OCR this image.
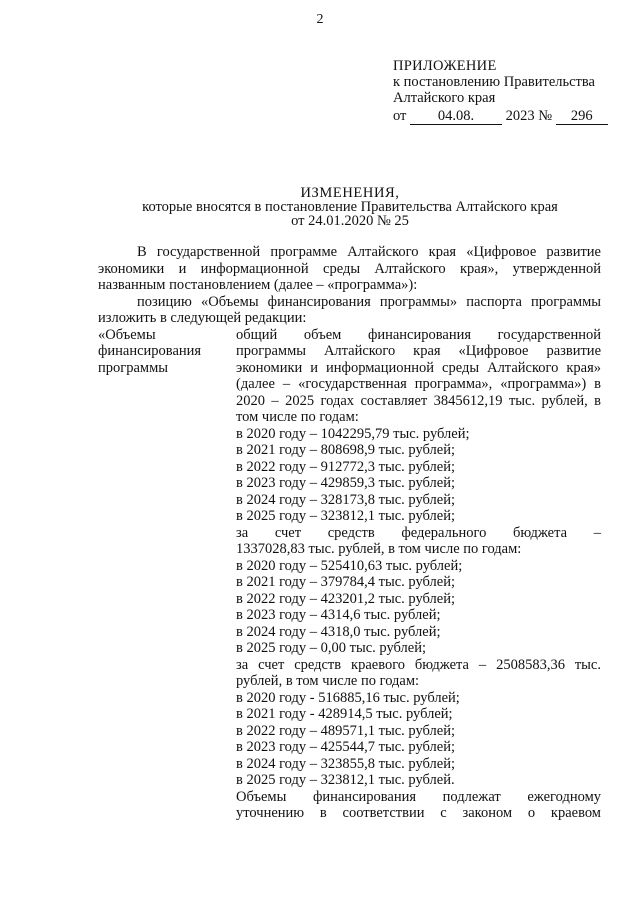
2
ПРИЛОЖЕНИЕ
к постановлению Правительства
Алтайского края
от 04.08. 2023 № 296
ИЗМЕНЕНИЯ,
которые вносятся в постановление Правительства Алтайского края
от 24.01.2020 № 25

В государственной программе Алтайского края «Цифровое развитие экономики и информационной среды Алтайского края», утвержденной названным постановлением (далее – «программа»):

позицию «Объемы финансирования программы» паспорта программы изложить в следующей редакции:

«Объемы
финансирования
программы
общий объем финансирования государственной
программы Алтайского края «Цифровое развитие
экономики и информационной среды Алтайского края»
(далее – «государственная программа», «программа») в
2020 – 2025 годах составляет 3845612,19 тыс. рублей, в
том числе по годам:
в 2020 году – 1042295,79 тыс. рублей;
в 2021 году – 808698,9 тыс. рублей;
в 2022 году – 912772,3 тыс. рублей;
в 2023 году – 429859,3 тыс. рублей;
в 2024 году – 328173,8 тыс. рублей;
в 2025 году – 323812,1 тыс. рублей;
за счет средств федерального бюджета –
1337028,83 тыс. рублей, в том числе по годам:
в 2020 году – 525410,63 тыс. рублей;
в 2021 году – 379784,4 тыс. рублей;
в 2022 году – 423201,2 тыс. рублей;
в 2023 году – 4314,6 тыс. рублей;
в 2024 году – 4318,0 тыс. рублей;
в 2025 году – 0,00 тыс. рублей;
за счет средств краевого бюджета – 2508583,36 тыс.
рублей, в том числе по годам:
в 2020 году - 516885,16 тыс. рублей;
в 2021 году - 428914,5 тыс. рублей;
в 2022 году – 489571,1 тыс. рублей;
в 2023 году – 425544,7 тыс. рублей;
в 2024 году – 323855,8 тыс. рублей;
в 2025 году – 323812,1 тыс. рублей.
Объемы финансирования подлежат ежегодному
уточнению в соответствии с законом о краевом
